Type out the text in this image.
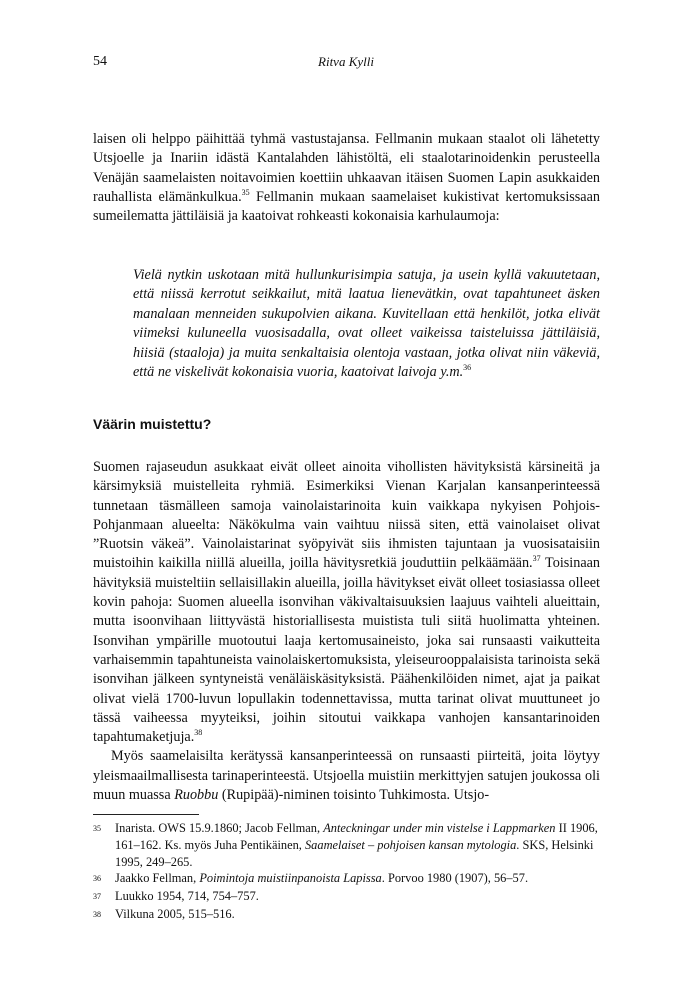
54	Ritva Kylli

laisen oli helppo päihittää tyhmä vastustajansa. Fellmanin mukaan staalot oli lähetetty Utsjoelle ja Inariin idästä Kantalahden lähistöltä, eli staalotarinoidenkin perusteella Venäjän saamelaisten noitavoimien koettiin uhkaavan itäisen Suomen Lapin asukkaiden rauhallista elämänkulkua.$^{35}$ Fellmanin mukaan saamelaiset kukistivat kertomuksissaan sumeilematta jättiläisiä ja kaatoivat rohkeasti kokonaisia karhulaumoja:

Vielä nytkin uskotaan mitä hullunkurisimpia satuja, ja usein kyllä vakuutetaan, että niissä kerrotut seikkailut, mitä laatua lienevätkin, ovat tapahtuneet äsken manalaan menneiden sukupolvien aikana. Kuvitellaan että henkilöt, jotka elivät viimeksi kuluneella vuosisadalla, ovat olleet vaikeissa taisteluissa jättiläisiä, hiisiä (staaloja) ja muita senkaltaisia olentoja vastaan, jotka olivat niin väkeviä, että ne viskelivät kokonaisia vuoria, kaatoivat laivoja y.m.$^{36}$
Väärin muistettu?

Suomen rajaseudun asukkaat eivät olleet ainoita vihollisten hävityksistä kärsineitä ja kärsimyksiä muistelleita ryhmiä. Esimerkiksi Vienan Karjalan kansanperinteessä tunnetaan täsmälleen samoja vainolaistarinoita kuin vaikkapa nykyisen Pohjois-Pohjanmaan alueelta: Näkökulma vain vaihtuu niissä siten, että vainolaiset olivat ”Ruotsin väkeä”. Vainolaistarinat syöpyivät siis ihmisten tajuntaan ja vuosisataisiin muistoihin kaikilla niillä alueilla, joilla hävitysretkiä jouduttiin pelkäämään.$^{37}$ Toisinaan hävityksiä muisteltiin sellaisillakin alueilla, joilla hävitykset eivät olleet tosiasiassa olleet kovin pahoja: Suomen alueella isonvihan väkivaltaisuuksien laajuus vaihteli alueittain, mutta isoonvihaan liittyvästä historiallisesta muistista tuli siitä huolimatta yhteinen. Isonvihan ympärille muotoutui laaja kertomusaineisto, joka sai runsaasti vaikutteita varhaisemmin tapahtuneista vainolaiskertomuksista, yleiseurooppalaisista tarinoista sekä isonvihan jälkeen syntyneistä venäläiskäsityksistä. Päähenkilöiden nimet, ajat ja paikat olivat vielä 1700-luvun lopullakin todennettavissa, mutta tarinat olivat muuttuneet jo tässä vaiheessa myyteiksi, joihin sitoutui vaikkapa vanhojen kansantarinoiden tapahtumaketjuja.$^{38}$

Myös saamelaisilta kerätyssä kansanperinteessä on runsaasti piirteitä, joita löytyy yleismaailmallisesta tarinaperinteestä. Utsjoella muistiin merkittyjen satujen joukossa oli muun muassa Ruobbu (Rupipää)-niminen toisinto Tuhkimosta. Utsjo-

35	Inarista. OWS 15.9.1860; Jacob Fellman, Anteckningar under min vistelse i Lappmarken II 1906, 161–162. Ks. myös Juha Pentikäinen, Saamelaiset – pohjoisen kansan mytologia. SKS, Helsinki 1995, 249–265.
36	Jaakko Fellman, Poimintoja muistiinpanoista Lapissa. Porvoo 1980 (1907), 56–57.
37	Luukko 1954, 714, 754–757.
38	Vilkuna 2005, 515–516.
